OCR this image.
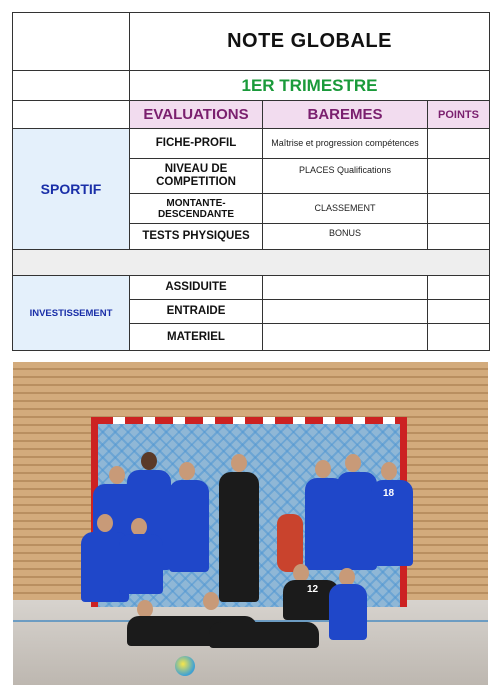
	NOTE GLOBALE		
	1ER TRIMESTRE		
	EVALUATIONS	BAREMES	POINTS
SPORTIF	FICHE-PROFIL	Maîtrise et progression compétences	
	NIVEAU DE COMPETITION	PLACES Qualifications	
	MONTANTE-DESCENDANTE	CLASSEMENT	
	TESTS PHYSIQUES	BONUS	

INVESTISSEMENT	ASSIDUITE		
	ENTRAIDE		
	MATERIEL		
18
12
